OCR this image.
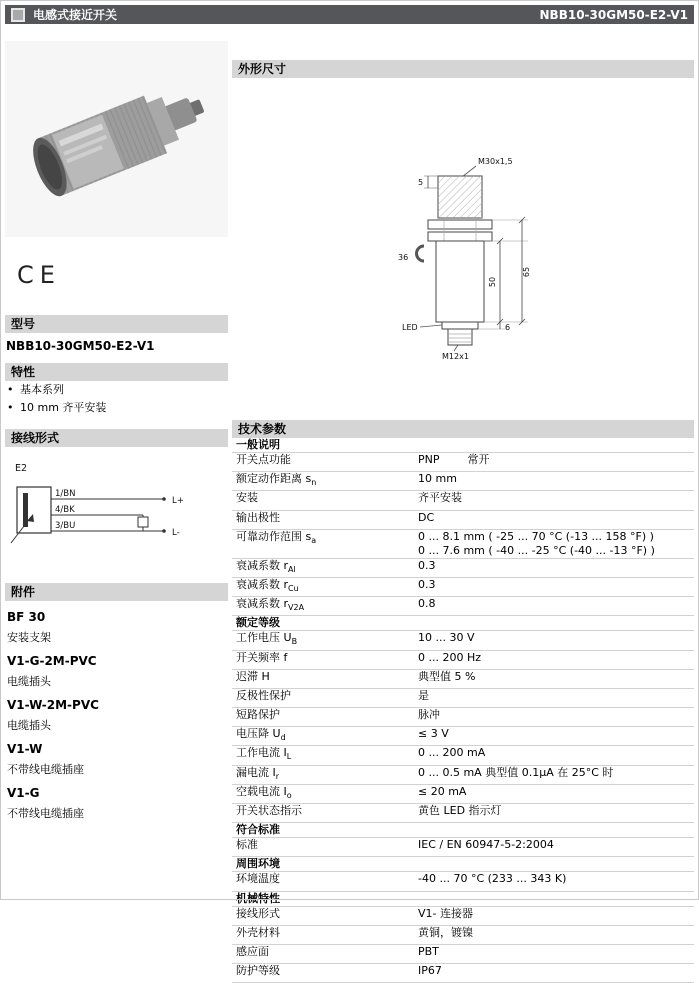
电感式接近开关	NBB10-30GM50-E2-V1
CE
型号
NBB10-30GM50-E2-V1
特性
• 基本系列
• 10 mm 齐平安装
接线形式
E2
1/BN
4/BK
3/BU
L+
L-
附件
BF 30
安装支架
V1-G-2M-PVC
电缆插头
V1-W-2M-PVC
电缆插头
V1-W
不带线电缆插座
V1-G
不带线电缆插座
外形尺寸
M30x1,5
5
36
LED
M12x1
50
65
6
技术参数
一般说明
开关点功能	PNP        常开
额定动作距离 $s_n$	10 mm
安装	齐平安装
输出极性	DC
可靠动作范围 $s_a$	0 ... 8.1 mm ( -25 ... 70 °C (-13 ... 158 °F) )
0 ... 7.6 mm ( -40 ... -25 °C (-40 ... -13 °F) )
衰减系数 $r_{Al}$	0.3
衰减系数 $r_{Cu}$	0.3
衰减系数 $r_{V2A}$	0.8
额定等级
工作电压 $U_B$	10 ... 30 V
开关频率 f	0 ... 200 Hz
迟滞 H	典型值 5 %
反极性保护	是
短路保护	脉冲
电压降 $U_d$	≤ 3 V
工作电流 $I_L$	0 ... 200 mA
漏电流 $I_r$	0 ... 0.5 mA 典型值 0.1µA 在 25°C 时
空载电流 $I_o$	≤ 20 mA
开关状态指示	黄色 LED 指示灯
符合标准
标准	IEC / EN 60947-5-2:2004
周围环境
环境温度	-40 ... 70 °C (233 ... 343 K)
机械特性
接线形式	V1- 连接器
外壳材料	黄铜，镀镍
感应面	PBT
防护等级	IP67
